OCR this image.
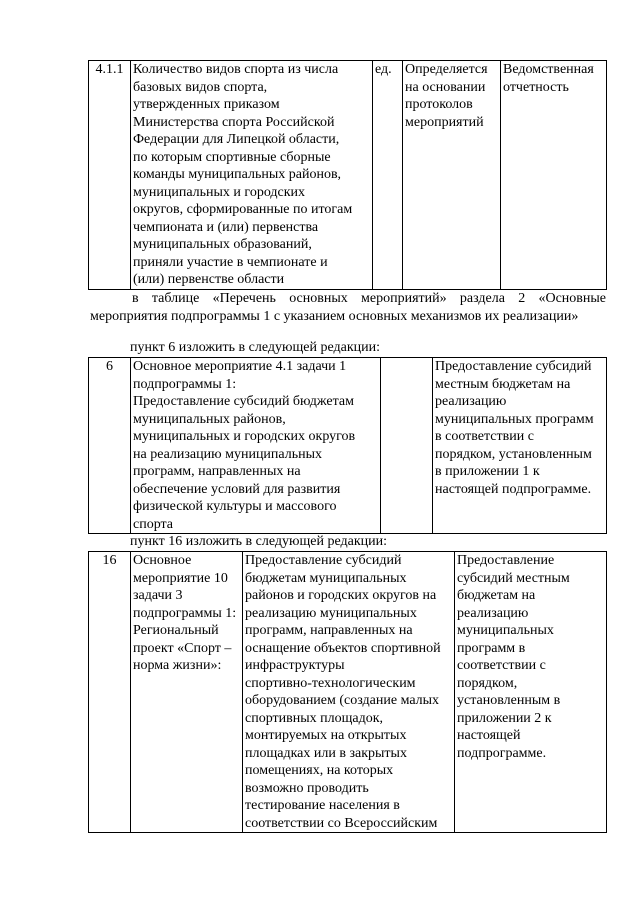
4.1.1	Количество видов спорта из числа
базовых видов спорта,
утвержденных приказом
Министерства спорта Российской
Федерации для Липецкой области,
по которым спортивные сборные
команды муниципальных районов,
муниципальных и городских
округов, сформированные по итогам
чемпионата и (или) первенства
муниципальных образований,
приняли участие в чемпионате и
(или) первенстве области	ед.	Определяется
на основании
протоколов
мероприятий	Ведомственная
отчетность

в таблице «Перечень основных мероприятий» раздела 2 «Основные мероприятия подпрограммы 1 с указанием основных механизмов их реализации»

пункт 6 изложить в следующей редакции:

6	Основное мероприятие 4.1 задачи 1
подпрограммы 1:
Предоставление субсидий бюджетам
муниципальных районов,
муниципальных и городских округов
на реализацию муниципальных
программ, направленных на
обеспечение условий для развития
физической культуры и массового
спорта		Предоставление субсидий
местным бюджетам на
реализацию
муниципальных программ
в соответствии с
порядком, установленным
в приложении 1 к
настоящей подпрограмме.

пункт 16 изложить в следующей редакции:

16	Основное
мероприятие 10
задачи 3
подпрограммы 1:
Региональный
проект «Спорт –
норма жизни»:	Предоставление субсидий
бюджетам муниципальных
районов и городских округов на
реализацию муниципальных
программ, направленных на
оснащение объектов спортивной
инфраструктуры
спортивно-технологическим
оборудованием (создание малых
спортивных площадок,
монтируемых на открытых
площадках или в закрытых
помещениях, на которых
возможно проводить
тестирование населения в
соответствии со Всероссийским	Предоставление
субсидий местным
бюджетам на
реализацию
муниципальных
программ в
соответствии с
порядком,
установленным в
приложении 2 к
настоящей
подпрограмме.
